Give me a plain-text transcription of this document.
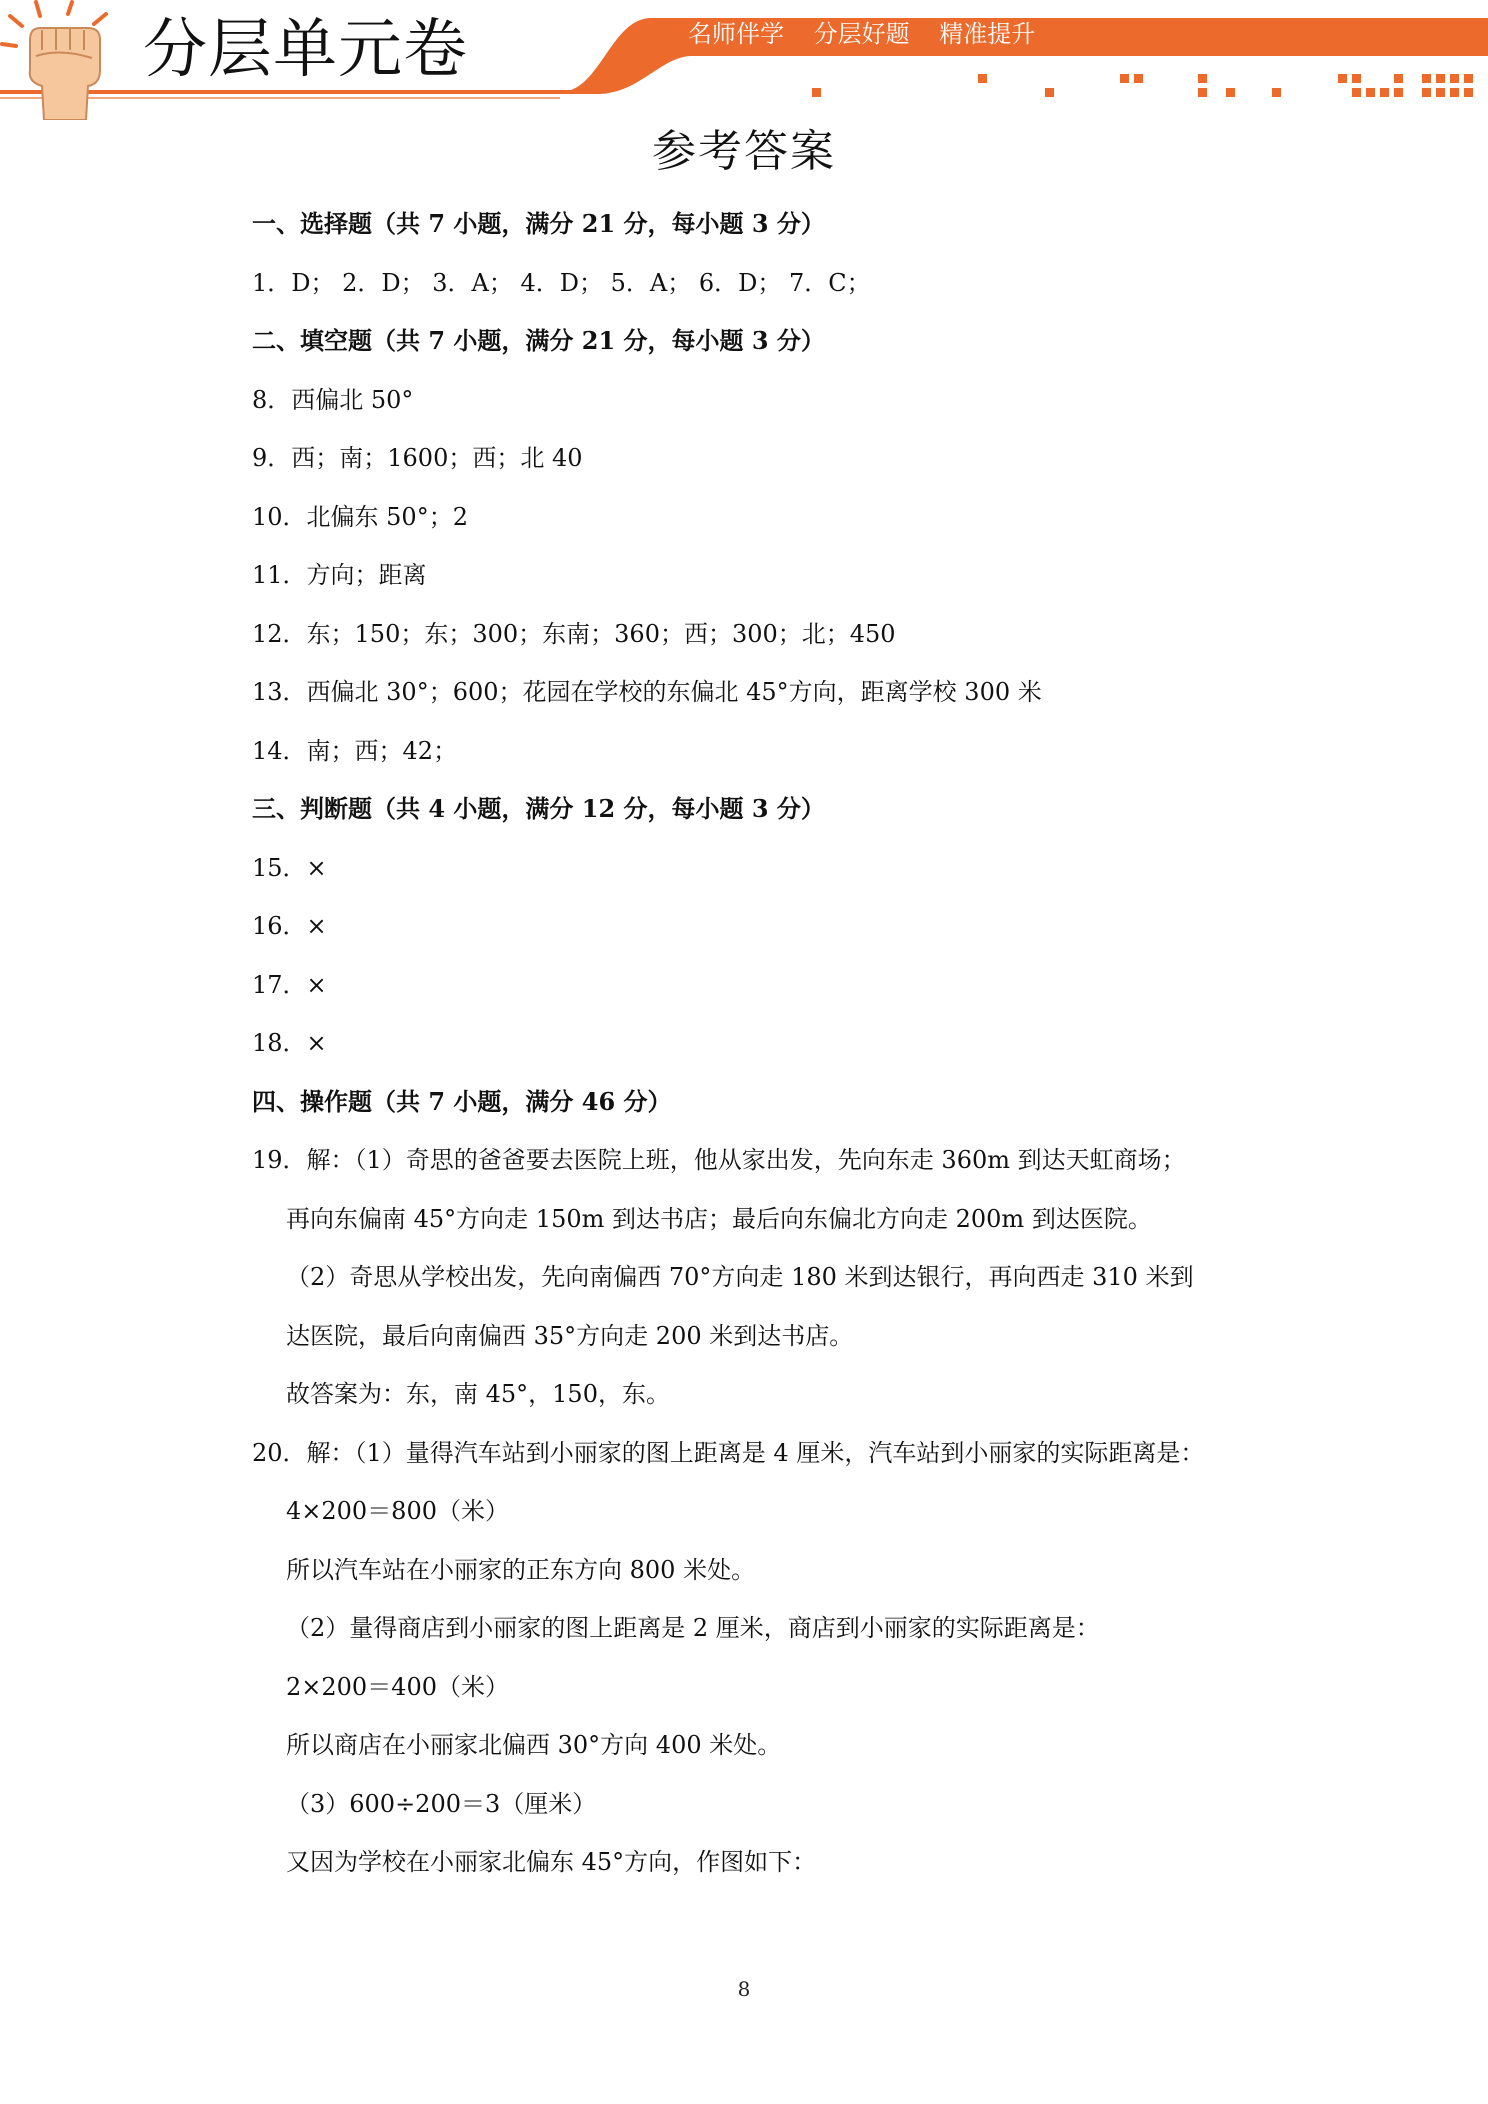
分层单元卷	名师伴学 分层好题 精准提升
参考答案
一、选择题（共 7 小题，满分 21 分，每小题 3 分）
1．D； 2．D； 3．A； 4．D； 5．A； 6．D； 7．C；
二、填空题（共 7 小题，满分 21 分，每小题 3 分）
8．西偏北 50°
9．西；南；1600；西；北 40
10．北偏东 50°；2
11．方向；距离
12．东；150；东；300；东南；360；西；300；北；450
13．西偏北 30°；600；花园在学校的东偏北 45°方向，距离学校 300 米
14．南；西；42；
三、判断题（共 4 小题，满分 12 分，每小题 3 分）
15．×
16．×
17．×
18．×
四、操作题（共 7 小题，满分 46 分）
19．解：（1）奇思的爸爸要去医院上班，他从家出发，先向东走 360m 到达天虹商场；
再向东偏南 45°方向走 150m 到达书店；最后向东偏北方向走 200m 到达医院。
（2）奇思从学校出发，先向南偏西 70°方向走 180 米到达银行，再向西走 310 米到
达医院，最后向南偏西 35°方向走 200 米到达书店。
故答案为：东，南 45°，150，东。
20．解：（1）量得汽车站到小丽家的图上距离是 4 厘米，汽车站到小丽家的实际距离是：
4×200＝800（米）
所以汽车站在小丽家的正东方向 800 米处。
（2）量得商店到小丽家的图上距离是 2 厘米，商店到小丽家的实际距离是：
2×200＝400（米）
所以商店在小丽家北偏西 30°方向 400 米处。
（3）600÷200＝3（厘米）
又因为学校在小丽家北偏东 45°方向，作图如下：
8
